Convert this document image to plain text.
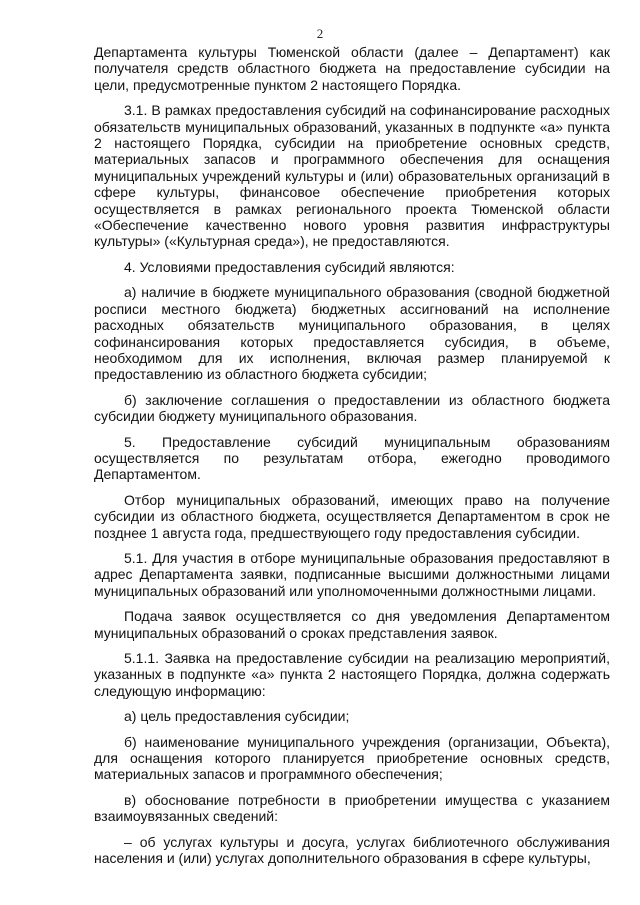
2

Департамента культуры Тюменской области (далее – Департамент) как получателя средств областного бюджета на предоставление субсидии на цели, предусмотренные пунктом 2 настоящего Порядка.

3.1. В рамках предоставления субсидий на софинансирование расходных обязательств муниципальных образований, указанных в подпункте «а» пункта 2 настоящего Порядка, субсидии на приобретение основных средств, материальных запасов и программного обеспечения для оснащения муниципальных учреждений культуры и (или) образовательных организаций в сфере культуры, финансовое обеспечение приобретения которых осуществляется в рамках регионального проекта Тюменской области «Обеспечение качественно нового уровня развития инфраструктуры культуры» («Культурная среда»), не предоставляются.

4. Условиями предоставления субсидий являются:

а) наличие в бюджете муниципального образования (сводной бюджетной росписи местного бюджета) бюджетных ассигнований на исполнение расходных обязательств муниципального образования, в целях софинансирования которых предоставляется субсидия, в объеме, необходимом для их исполнения, включая размер планируемой к предоставлению из областного бюджета субсидии;

б) заключение соглашения о предоставлении из областного бюджета субсидии бюджету муниципального образования.

5. Предоставление субсидий муниципальным образованиям осуществляется по результатам отбора, ежегодно проводимого Департаментом.

Отбор муниципальных образований, имеющих право на получение субсидии из областного бюджета, осуществляется Департаментом в срок не позднее 1 августа года, предшествующего году предоставления субсидии.

5.1. Для участия в отборе муниципальные образования предоставляют в адрес Департамента заявки, подписанные высшими должностными лицами муниципальных образований или уполномоченными должностными лицами.

Подача заявок осуществляется со дня уведомления Департаментом муниципальных образований о сроках представления заявок.

5.1.1. Заявка на предоставление субсидии на реализацию мероприятий, указанных в подпункте «а» пункта 2 настоящего Порядка, должна содержать следующую информацию:

а) цель предоставления субсидии;

б) наименование муниципального учреждения (организации, Объекта), для оснащения которого планируется приобретение основных средств, материальных запасов и программного обеспечения;

в) обоснование потребности в приобретении имущества с указанием взаимоувязанных сведений:

– об услугах культуры и досуга, услугах библиотечного обслуживания населения и (или) услугах дополнительного образования в сфере культуры,
